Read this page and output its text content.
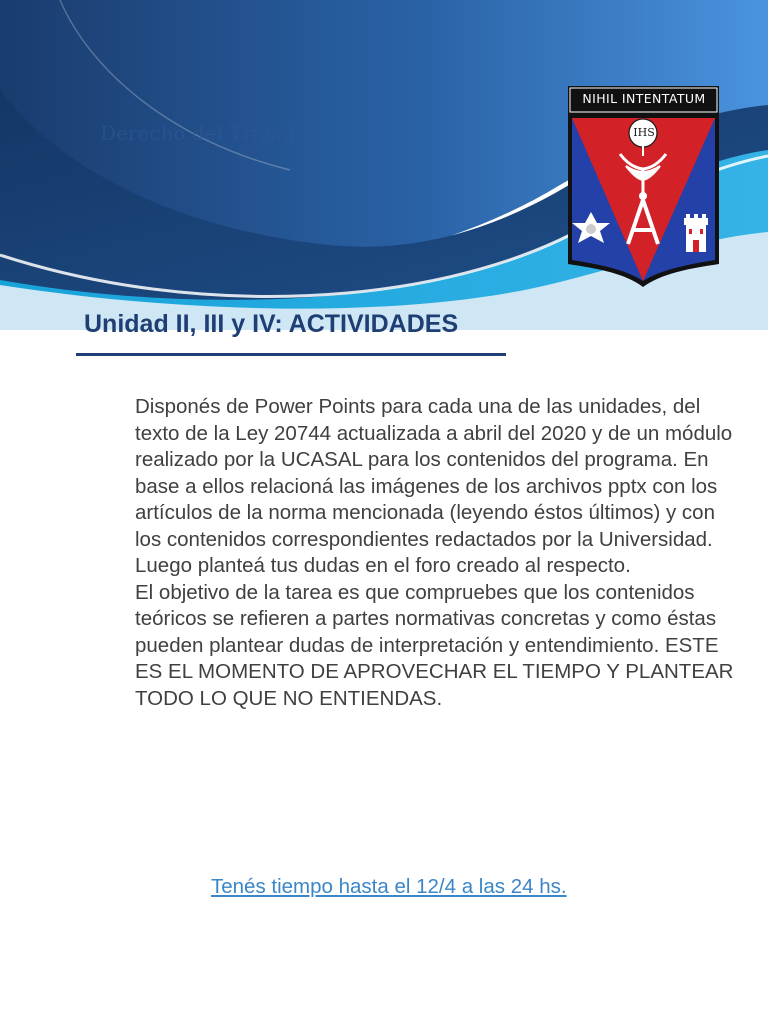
Derecho del Trabajo
NIHIL INTENTATUM
IHS
Unidad II, III y IV: ACTIVIDADES

Disponés de Power Points para cada una de las unidades, del texto de la Ley 20744 actualizada a abril del 2020 y de un módulo realizado por la UCASAL para los contenidos del programa. En base a ellos relacioná las imágenes de los archivos pptx con los artículos de la norma mencionada (leyendo éstos últimos) y con los contenidos correspondientes redactados por la Universidad.

Luego planteá tus dudas en el foro creado al respecto.

El objetivo de la tarea es que compruebes que los contenidos teóricos se refieren a partes normativas concretas y como éstas pueden plantear dudas de interpretación y entendimiento. ESTE ES EL MOMENTO DE APROVECHAR EL TIEMPO Y PLANTEAR TODO LO QUE NO ENTIENDAS.

Tenés tiempo hasta el 12/4 a las 24 hs.
